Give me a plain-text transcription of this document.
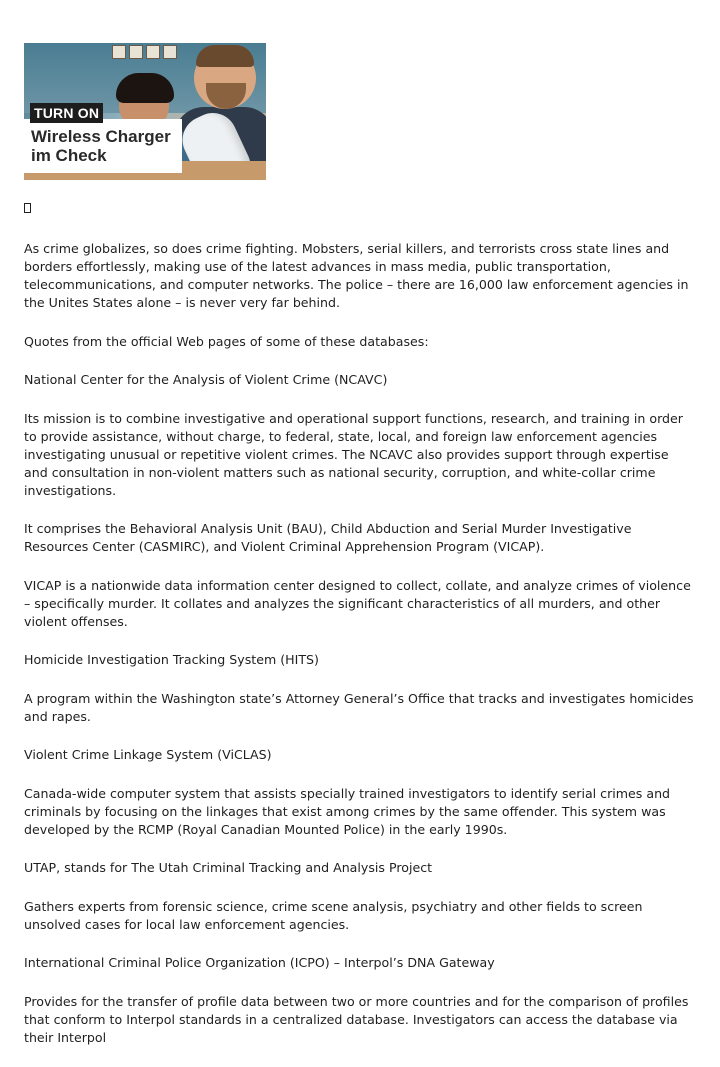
TURN ON
Wireless Charger
im Check

As crime globalizes, so does crime fighting. Mobsters, serial killers, and terrorists cross state lines and borders effortlessly, making use of the latest advances in mass media, public transportation, telecommunications, and computer networks. The police – there are 16,000 law enforcement agencies in the Unites States alone – is never very far behind.

Quotes from the official Web pages of some of these databases:

National Center for the Analysis of Violent Crime (NCAVC)

Its mission is to combine investigative and operational support functions, research, and training in order to provide assistance, without charge, to federal, state, local, and foreign law enforcement agencies investigating unusual or repetitive violent crimes. The NCAVC also provides support through expertise and consultation in non-violent matters such as national security, corruption, and white-collar crime investigations.

It comprises the Behavioral Analysis Unit (BAU), Child Abduction and Serial Murder Investigative Resources Center (CASMIRC), and Violent Criminal Apprehension Program (VICAP).

VICAP is a nationwide data information center designed to collect, collate, and analyze crimes of violence – specifically murder. It collates and analyzes the significant characteristics of all murders, and other violent offenses.

Homicide Investigation Tracking System (HITS)

A program within the Washington state’s Attorney General’s Office that tracks and investigates homicides and rapes.

Violent Crime Linkage System (ViCLAS)

Canada-wide computer system that assists specially trained investigators to identify serial crimes and criminals by focusing on the linkages that exist among crimes by the same offender. This system was developed by the RCMP (Royal Canadian Mounted Police) in the early 1990s.

UTAP, stands for The Utah Criminal Tracking and Analysis Project

Gathers experts from forensic science, crime scene analysis, psychiatry and other fields to screen unsolved cases for local law enforcement agencies.

International Criminal Police Organization (ICPO) – Interpol’s DNA Gateway

Provides for the transfer of profile data between two or more countries and for the comparison of profiles that conform to Interpol standards in a centralized database. Investigators can access the database via their Interpol
